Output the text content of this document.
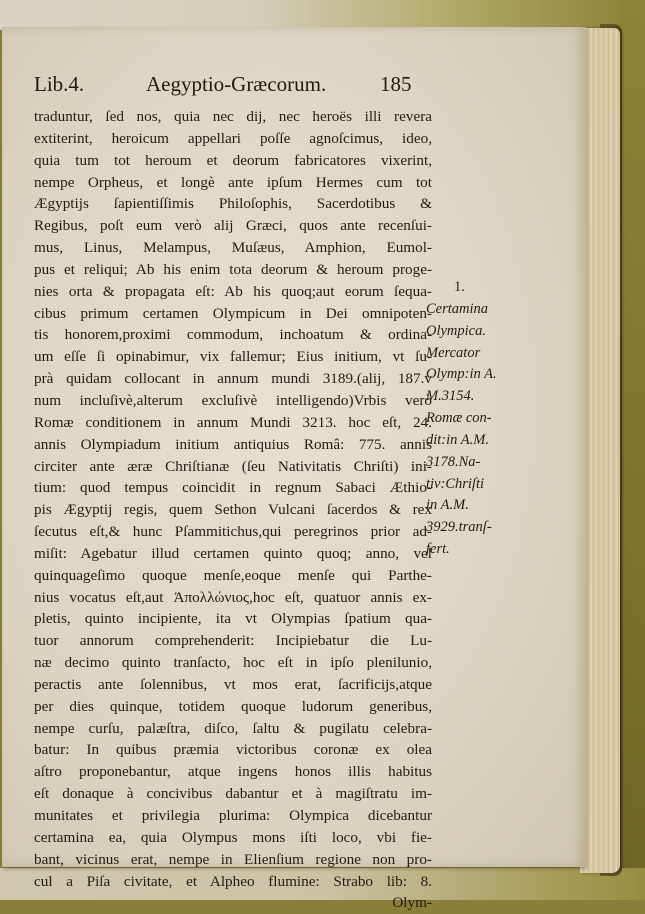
Lib.4.	Aegyptio-Græcorum.	185
traduntur, ſed nos, quia nec dij, nec heroës illi revera
extiterint, heroicum appellari poſſe agnoſcimus, ideo,
quia tum tot heroum et deorum fabricatores vixerint,
nempe Orpheus, et longè ante ipſum Hermes cum tot
Ægyptijs ſapientiſſimis Philoſophis, Sacerdotibus &
Regibus, poſt eum verò alij Græci, quos ante recenſui-
mus, Linus, Melampus, Muſæus, Amphion, Eumol-
pus et reliqui; Ab his enim tota deorum & heroum proge-
nies orta & propagata eſt: Ab his quoq;aut eorum ſequa-
cibus primum certamen Olympicum in Dei omnipoten-
tis honorem,proximi commodum, inchoatum & ordina-
um eſſe ſi opinabimur, vix fallemur; Eius initium, vt ſu-
prà quidam collocant in annum mundi 3189.(alij, 187.v
num incluſivè,alterum excluſivè intelligendo)Vrbis verò
Romæ conditionem in annum Mundi 3213. hoc eſt, 24.
annis Olympiadum initium antiquius Româ: 775. annis
circiter ante æræ Chriſtianæ (ſeu Nativitatis Chriſti) ini-
tium: quod tempus coincidit in regnum Sabaci Æthio-
pis Ægyptij regis, quem Sethon Vulcani ſacerdos & rex
ſecutus eſt,& hunc Pſammitichus,qui peregrinos prior ad-
miſit: Agebatur illud certamen quinto quoq; anno, vel
quinquageſimo quoque menſe,eoque menſe qui Parthe-
nius vocatus eſt,aut Ἀπολλώνιος,hoc eſt, quatuor annis ex-
pletis, quinto incipiente, ita vt Olympias ſpatium qua-
tuor annorum comprehenderit: Incipiebatur die Lu-
næ decimo quinto tranſacto, hoc eſt in ipſo plenilunio,
peractis ante ſolennibus, vt mos erat, ſacrificijs,atque
per dies quinque, totidem quoque ludorum generibus,
nempe curſu, palæſtra, diſco, ſaltu & pugilatu celebra-
batur: In quibus præmia victoribus coronæ ex olea
aſtro proponebantur, atque ingens honos illis habitus
eſt donaque à concivibus dabantur et à magiſtratu im-
munitates et privilegia plurima: Olympica dicebantur
certamina ea, quia Olympus mons iſti loco, vbi fie-
bant, vicinus erat, nempe in Elienſium regione non pro-
cul a Piſa civitate, et Alpheo flumine: Strabo lib: 8.
Olym-
1.
Certamina
Olympica.
Mercator
Olymp:in A.
M.3154.
Romæ con-
dit:in A.M.
3178.Na-
tiv:Chriſti
in A.M.
3929.tranſ-
fert.
